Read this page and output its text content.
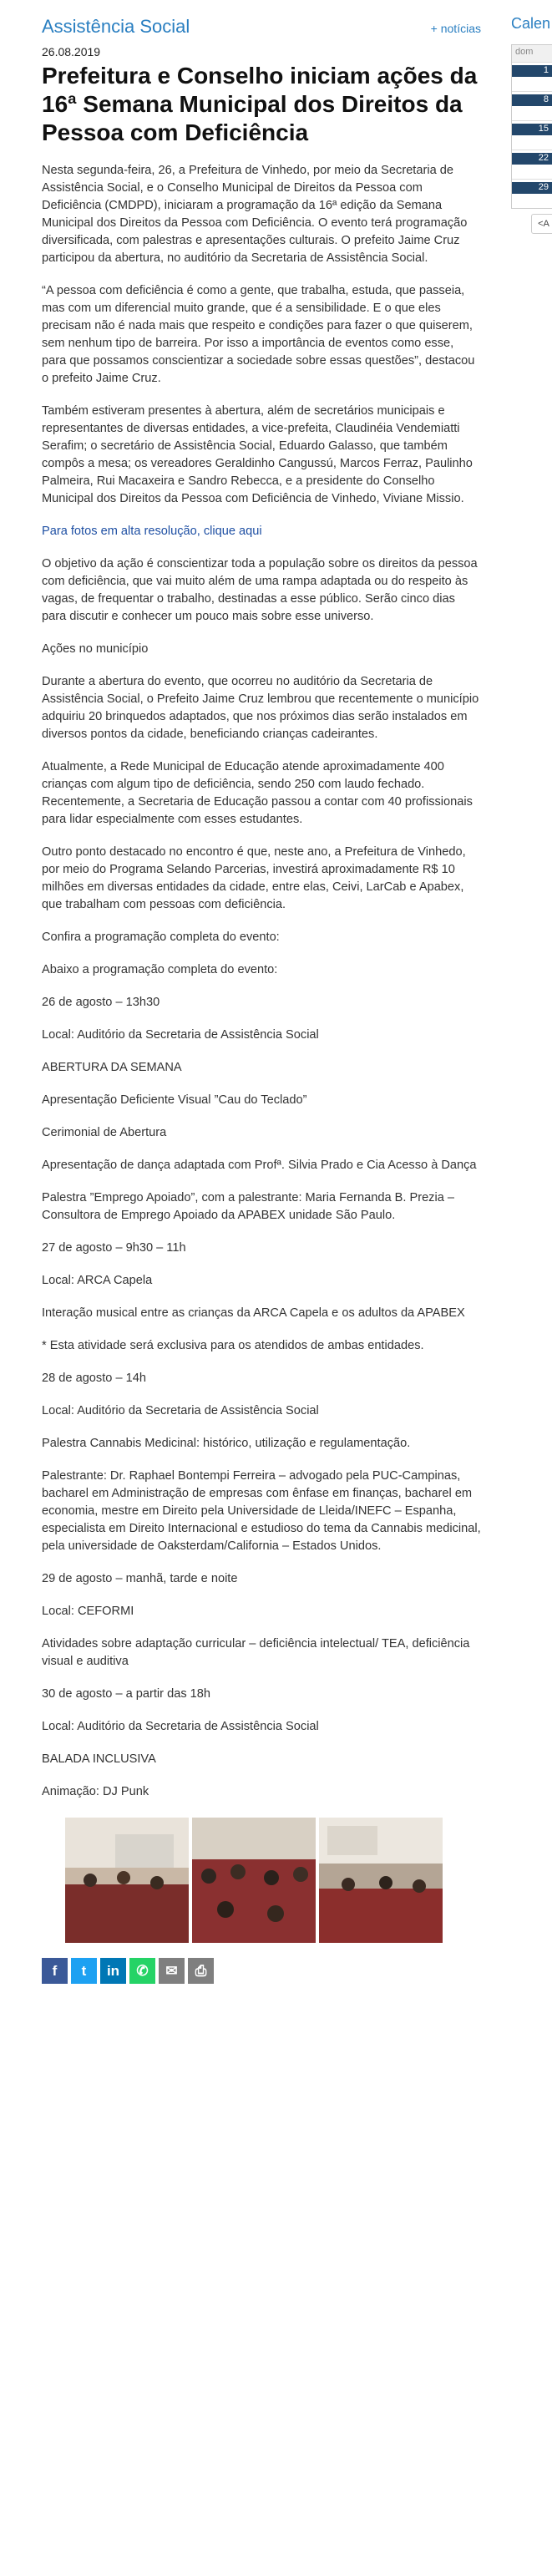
Assistência Social	+ notícias
26.08.2019
Prefeitura e Conselho iniciam ações da 16ª Semana Municipal dos Direitos da Pessoa com Deficiência

Nesta segunda-feira, 26, a Prefeitura de Vinhedo, por meio da Secretaria de Assistência Social, e o Conselho Municipal de Direitos da Pessoa com Deficiência (CMDPD), iniciaram a programação da 16ª edição da Semana Municipal dos Direitos da Pessoa com Deficiência. O evento terá programação diversificada, com palestras e apresentações culturais. O prefeito Jaime Cruz participou da abertura, no auditório da Secretaria de Assistência Social.

“A pessoa com deficiência é como a gente, que trabalha, estuda, que passeia, mas com um diferencial muito grande, que é a sensibilidade. E o que eles precisam não é nada mais que respeito e condições para fazer o que quiserem, sem nenhum tipo de barreira. Por isso a importância de eventos como esse, para que possamos conscientizar a sociedade sobre essas questões”, destacou o prefeito Jaime Cruz.

Também estiveram presentes à abertura, além de secretários municipais e representantes de diversas entidades, a vice-prefeita, Claudinéia Vendemiatti Serafim; o secretário de Assistência Social, Eduardo Galasso, que também compôs a mesa; os vereadores Geraldinho Cangussú, Marcos Ferraz, Paulinho Palmeira, Rui Macaxeira e Sandro Rebecca, e a presidente do Conselho Municipal dos Direitos da Pessoa com Deficiência de Vinhedo, Viviane Missio.

Para fotos em alta resolução, clique aqui

O objetivo da ação é conscientizar toda a população sobre os direitos da pessoa com deficiência, que vai muito além de uma rampa adaptada ou do respeito às vagas, de frequentar o trabalho, destinadas a esse público. Serão cinco dias para discutir e conhecer um pouco mais sobre esse universo.

Ações no município

Durante a abertura do evento, que ocorreu no auditório da Secretaria de Assistência Social, o Prefeito Jaime Cruz lembrou que recentemente o município adquiriu 20 brinquedos adaptados, que nos próximos dias serão instalados em diversos pontos da cidade, beneficiando crianças cadeirantes.

Atualmente, a Rede Municipal de Educação atende aproximadamente 400 crianças com algum tipo de deficiência, sendo 250 com laudo fechado. Recentemente, a Secretaria de Educação passou a contar com 40 profissionais para lidar especialmente com esses estudantes.

Outro ponto destacado no encontro é que, neste ano, a Prefeitura de Vinhedo, por meio do Programa Selando Parcerias, investirá aproximadamente R$ 10 milhões em diversas entidades da cidade, entre elas, Ceivi, LarCab e Apabex, que trabalham com pessoas com deficiência.

Confira a programação completa do evento:

Abaixo a programação completa do evento:

26 de agosto – 13h30

Local: Auditório da Secretaria de Assistência Social

ABERTURA DA SEMANA

Apresentação Deficiente Visual ”Cau do Teclado”

Cerimonial de Abertura

Apresentação de dança adaptada com Profª. Silvia Prado e Cia Acesso à Dança

Palestra ”Emprego Apoiado”, com a palestrante: Maria Fernanda B. Prezia – Consultora de Emprego Apoiado da APABEX unidade São Paulo.

27 de agosto – 9h30 – 11h

Local: ARCA Capela

Interação musical entre as crianças da ARCA Capela e os adultos da APABEX

* Esta atividade será exclusiva para os atendidos de ambas entidades.

28 de agosto – 14h

Local: Auditório da Secretaria de Assistência Social

Palestra Cannabis Medicinal: histórico, utilização e regulamentação.

Palestrante: Dr. Raphael Bontempi Ferreira – advogado pela PUC-Campinas, bacharel em Administração de empresas com ênfase em finanças, bacharel em economia, mestre em Direito pela Universidade de Lleida/INEFC – Espanha, especialista em Direito Internacional e estudioso do tema da Cannabis medicinal, pela universidade de Oaksterdam/California – Estados Unidos.

29 de agosto – manhã, tarde e noite

Local: CEFORMI

Atividades sobre adaptação curricular – deficiência intelectual/ TEA, deficiência visual e auditiva

30 de agosto – a partir das 18h

Local: Auditório da Secretaria de Assistência Social

BALADA INCLUSIVA

Animação: DJ Punk

f	t	in	✆	✉	⎙
Calen
dom
1
8
15
22
29
<A
